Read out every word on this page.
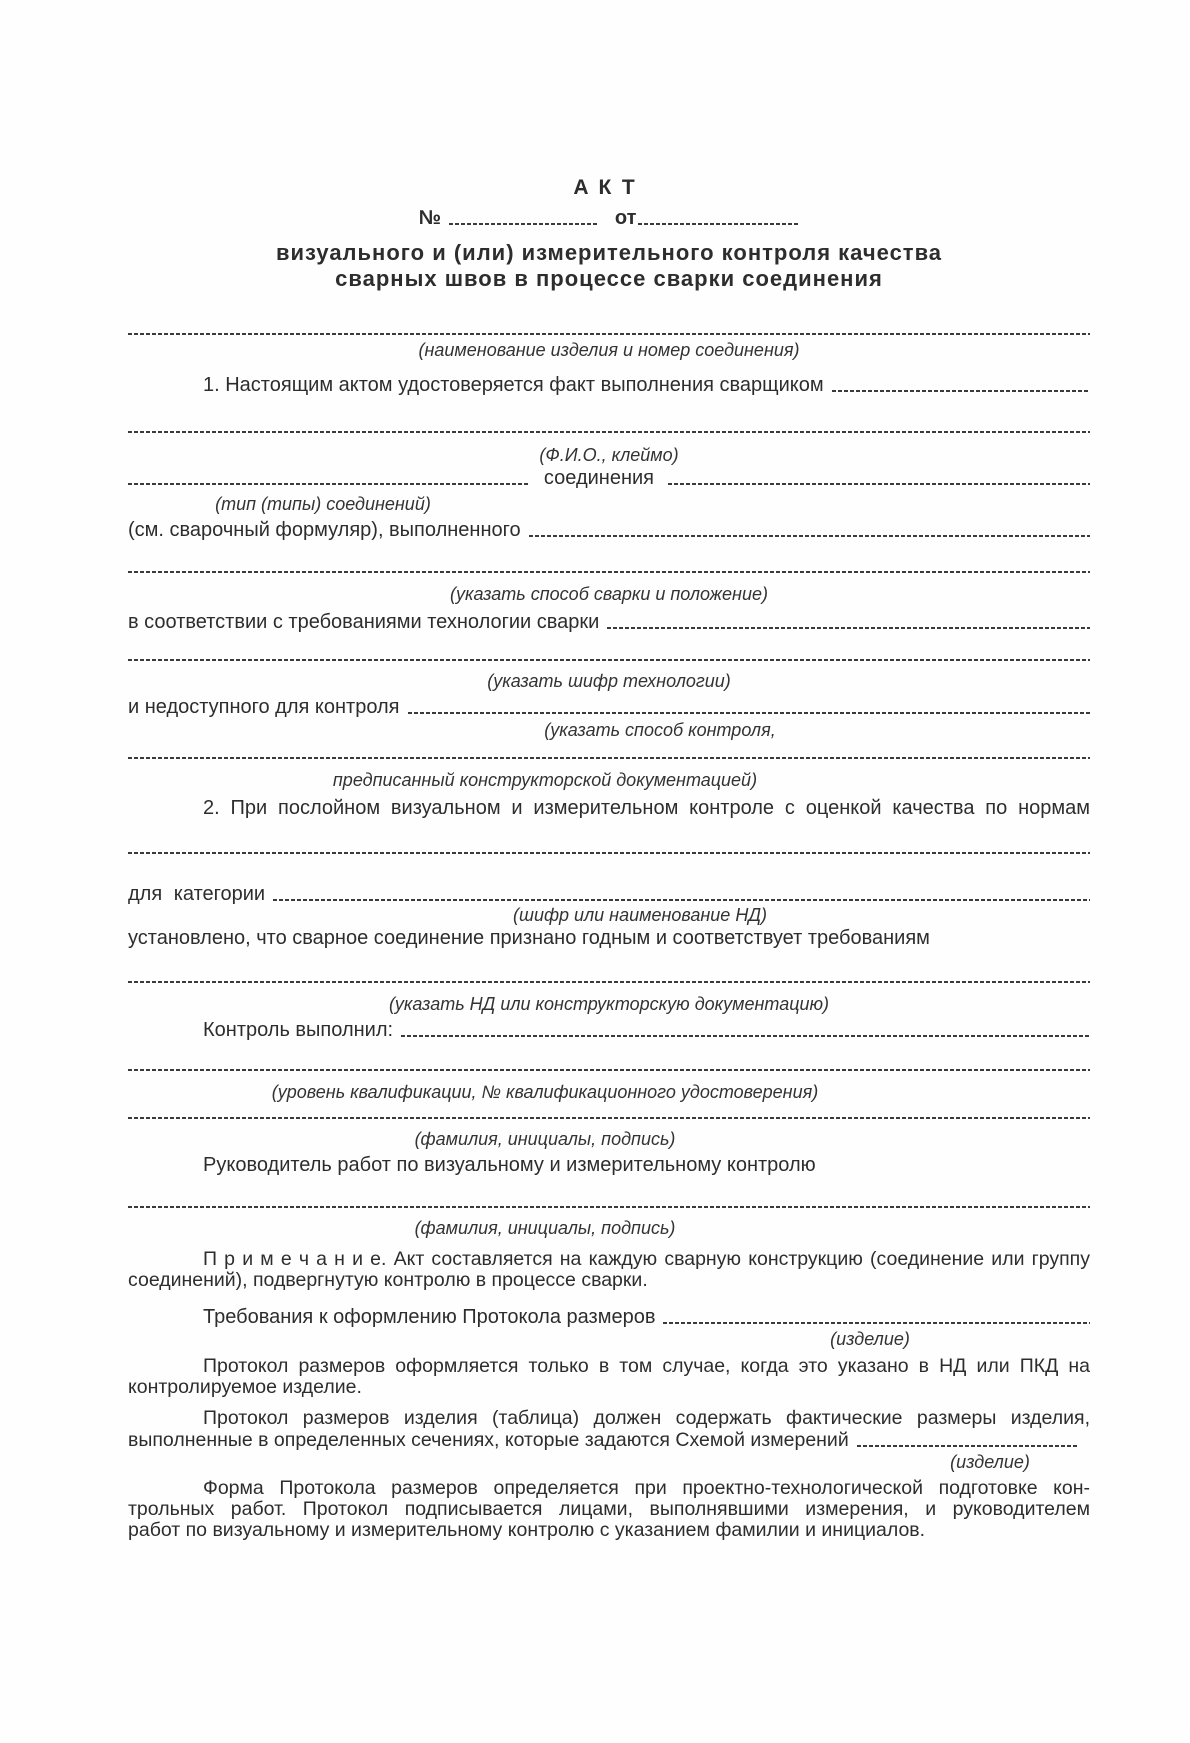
АКТ
№	от
визуального и (или) измерительного контроля качества
сварных швов в процессе сварки соединения
(наименование изделия и номер соединения)
1. Настоящим актом удостоверяется факт выполнения сварщиком
(Ф.И.О., клеймо)
соединения
(тип (типы) соединений)
(см. сварочный формуляр), выполненного
(указать способ сварки и положение)
в соответствии с требованиями технологии сварки
(указать шифр технологии)
и недоступного для контроля
(указать способ контроля,
предписанный конструкторской документацией)
2. При послойном визуальном и измерительном контроле с оценкой качества по нормам
для категории
(шифр или наименование НД)
установлено, что сварное соединение признано годным и соответствует требованиям
(указать НД или конструкторскую документацию)
Контроль выполнил:
(уровень квалификации, № квалификационного удостоверения)
(фамилия, инициалы, подпись)
Руководитель работ по визуальному и измерительному контролю
(фамилия, инициалы, подпись)
П р и м е ч а н и е. Акт составляется на каждую сварную конструкцию (соединение или группу
соединений), подвергнутую контролю в процессе сварки.
Требования к оформлению Протокола размеров
(изделие)
Протокол размеров оформляется только в том случае, когда это указано в НД или ПКД на
контролируемое изделие.
Протокол размеров изделия (таблица) должен содержать фактические размеры изделия,
выполненные в определенных сечениях, которые задаются Схемой измерений
(изделие)
Форма Протокола размеров определяется при проектно-технологической подготовке кон-
трольных работ. Протокол подписывается лицами, выполнявшими измерения, и руководителем
работ по визуальному и измерительному контролю с указанием фамилии и инициалов.
